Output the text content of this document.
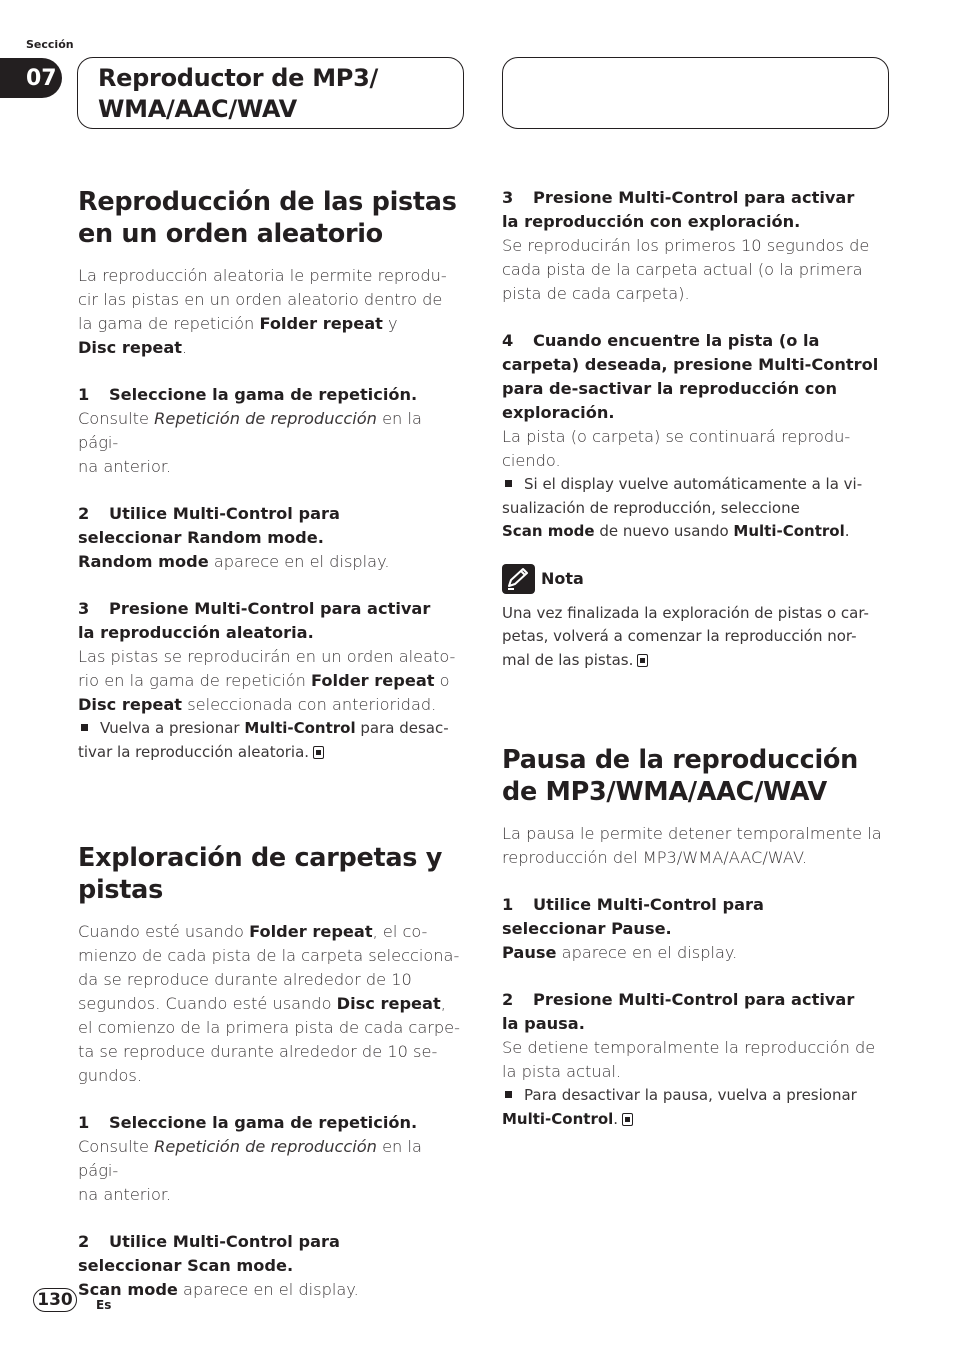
Sección
07 Reproductor de MP3/
WMA/AAC/WAV
Reproducción de las pistas en un orden aleatorio

La reproducción aleatoria le permite reprodu-
cir las pistas en un orden aleatorio dentro de
la gama de repetición Folder repeat y
Disc repeat.

1 Seleccione la gama de repetición.

Consulte Repetición de reproducción en la pági-
na anterior.

2 Utilice Multi-Control para seleccionar Random mode.

Random mode aparece en el display.

3 Presione Multi-Control para activar la reproducción aleatoria.

Las pistas se reproducirán en un orden aleato-
rio en la gama de repetición Folder repeat o
Disc repeat seleccionada con anterioridad.

Vuelva a presionar Multi-Control para desac-
tivar la reproducción aleatoria.

Exploración de carpetas y pistas

Cuando esté usando Folder repeat, el co-
mienzo de cada pista de la carpeta selecciona-
da se reproduce durante alrededor de 10
segundos. Cuando esté usando Disc repeat,
el comienzo de la primera pista de cada carpe-
ta se reproduce durante alrededor de 10 se-
gundos.

1 Seleccione la gama de repetición.

Consulte Repetición de reproducción en la pági-
na anterior.

2 Utilice Multi-Control para seleccionar Scan mode.

Scan mode aparece en el display.

3 Presione Multi-Control para activar la reproducción con exploración.

Se reproducirán los primeros 10 segundos de
cada pista de la carpeta actual (o la primera
pista de cada carpeta).

4 Cuando encuentre la pista (o la carpeta) deseada, presione Multi-Control para de-sactivar la reproducción con exploración.

La pista (o carpeta) se continuará reprodu-
ciendo.

Si el display vuelve automáticamente a la vi-
sualización de reproducción, seleccione
Scan mode de nuevo usando Multi-Control.

Nota

Una vez finalizada la exploración de pistas o car-
petas, volverá a comenzar la reproducción nor-
mal de las pistas.

Pausa de la reproducción de MP3/WMA/AAC/WAV

La pausa le permite detener temporalmente la
reproducción del MP3/WMA/AAC/WAV.

1 Utilice Multi-Control para seleccionar Pause.

Pause aparece en el display.

2 Presione Multi-Control para activar la pausa.

Se detiene temporalmente la reproducción de
la pista actual.

Para desactivar la pausa, vuelva a presionar
Multi-Control.

130	Es
